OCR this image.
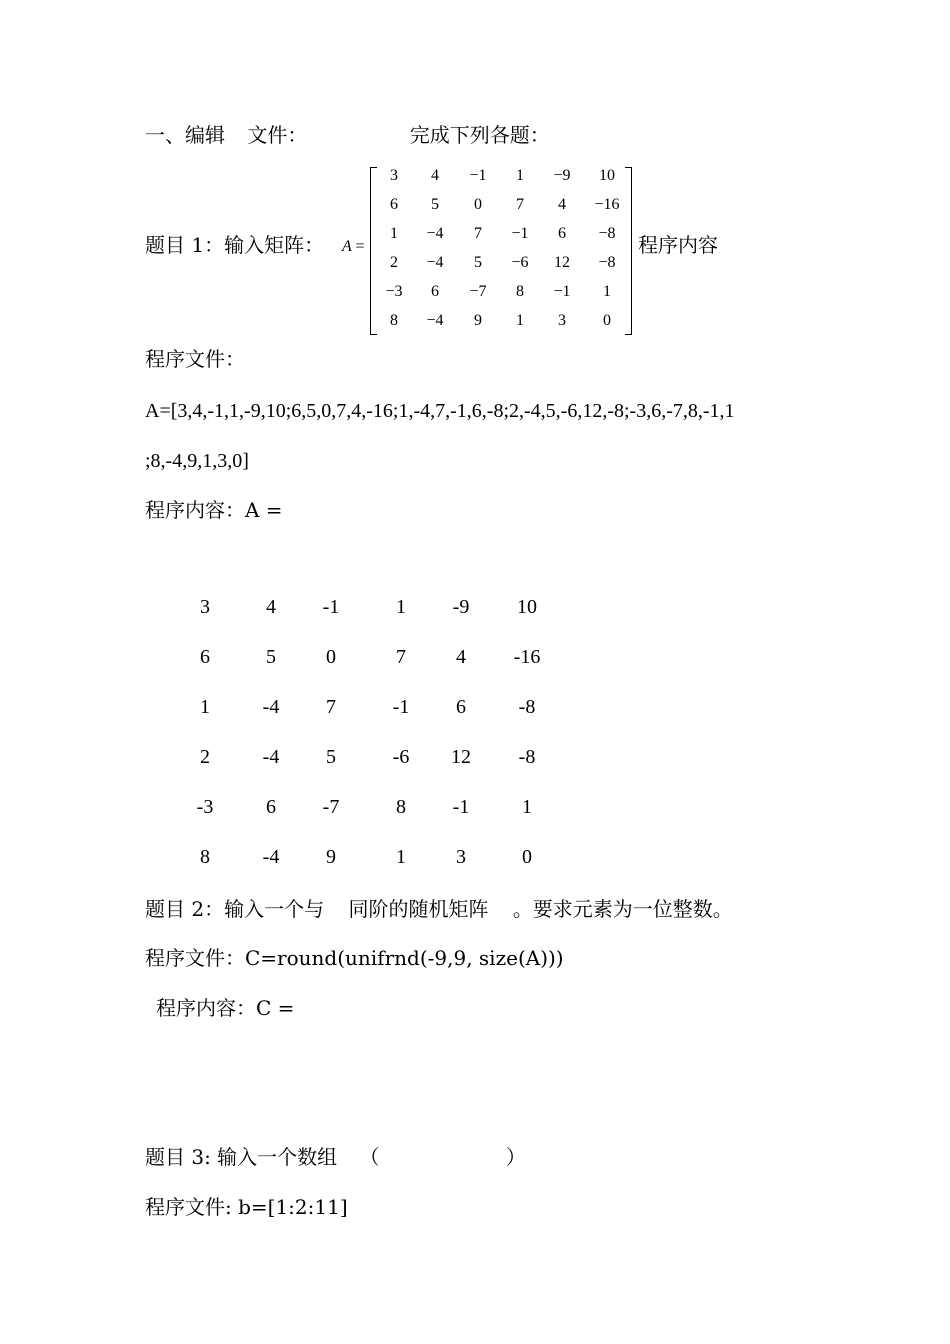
一、编辑 文件：	完成下列各题：
题目 1：输入矩阵： A =
3	4	−1	1	−9	10
6	5	0	7	4	−16
1	−4	7	−1	6	−8
2	−4	5	−6	12	−8
−3	6	−7	8	−1	1
8	−4	9	1	3	0
程序内容
程序文件：
A=[3,4,-1,1,-9,10;6,5,0,7,4,-16;1,-4,7,-1,6,-8;2,-4,5,-6,12,-8;-3,6,-7,8,-1,1
;8,-4,9,1,3,0]
程序内容：A =
3	4	-1	1	-9	10
6	5	0	7	4	-16
1	-4	7	-1	6	-8
2	-4	5	-6	12	-8
-3	6	-7	8	-1	1
8	-4	9	1	3	0
题目 2：输入一个与 同阶的随机矩阵 。要求元素为一位整数。
程序文件：C=round(unifrnd(-9,9, size(A)))
程序内容：C =
题目 3: 输入一个数组 （	）
程序文件: b=[1:2:11]
